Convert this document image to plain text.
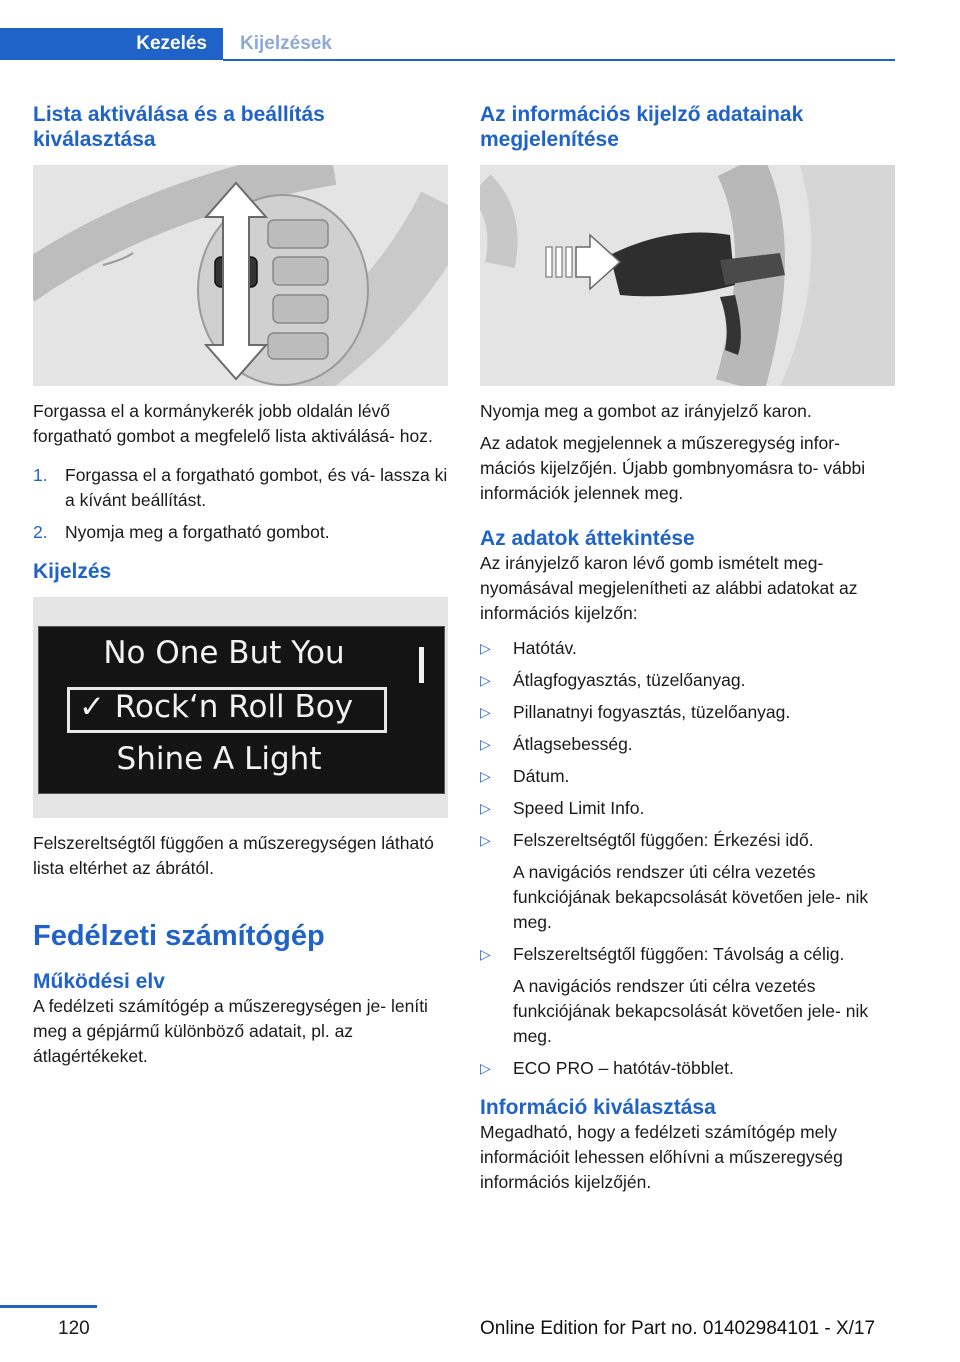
Kezelés	Kijelzések
Lista aktiválása és a beállítás kiválasztása

Forgassa el a kormánykerék jobb oldalán lévő forgatható gombot a megfelelő lista aktiválásá‐ hoz.

1. Forgassa el a forgatható gombot, és vá‐ lassza ki a kívánt beállítást.
2. Nyomja meg a forgatható gombot.
Kijelzés
No One But You
✓ Rock‘n Roll Boy
Shine A Light

Felszereltségtől függően a műszeregységen látható lista eltérhet az ábrától.

Fedélzeti számítógép
Működési elv

A fedélzeti számítógép a műszeregységen je‐ leníti meg a gépjármű különböző adatait, pl. az átlagértékeket.

Az információs kijelző adatainak megjelenítése

Nyomja meg a gombot az irányjelző karon.

Az adatok megjelennek a műszeregység infor‐ mációs kijelzőjén. Újabb gombnyomásra to‐ vábbi információk jelennek meg.

Az adatok áttekintése

Az irányjelző karon lévő gomb ismételt meg‐ nyomásával megjelenítheti az alábbi adatokat az információs kijelzőn:

▷	Hatótáv.
▷	Átlagfogyasztás, tüzelőanyag.
▷	Pillanatnyi fogyasztás, tüzelőanyag.
▷	Átlagsebesség.
▷	Dátum.
▷	Speed Limit Info.
▷	Felszereltségtől függően: Érkezési idő.
A navigációs rendszer úti célra vezetés funkciójának bekapcsolását követően jele‐ nik meg.
▷	Felszereltségtől függően: Távolság a célig.
A navigációs rendszer úti célra vezetés funkciójának bekapcsolását követően jele‐ nik meg.
▷	ECO PRO – hatótáv-többlet.
Információ kiválasztása

Megadható, hogy a fedélzeti számítógép mely információit lehessen előhívni a műszeregység információs kijelzőjén.

120	Online Edition for Part no. 01402984101 - X/17
